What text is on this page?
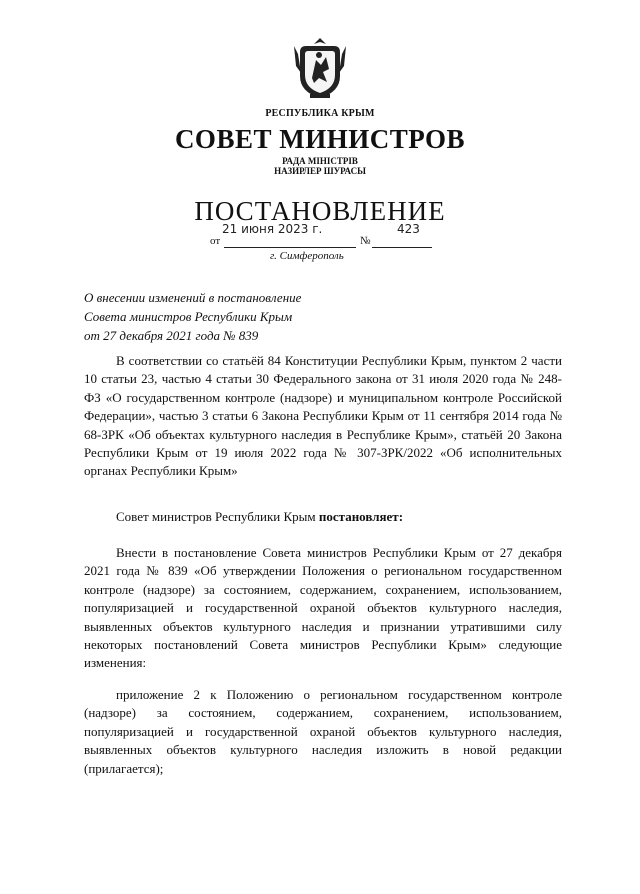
РЕСПУБЛИКА КРЫМ
СОВЕТ МИНИСТРОВ
РАДА МІНІСТРІВ
НАЗИРЛЕР ШУРАСЫ
ПОСТАНОВЛЕНИЕ
от	№
21 июня 2023 г.	423
г. Симферополь
О внесении изменений в постановление
Совета министров Республики Крым
от 27 декабря 2021 года № 839

В соответствии со статьёй 84 Конституции Республики Крым, пунктом 2 части 10 статьи 23, частью 4 статьи 30 Федерального закона от 31 июля 2020 года № 248-ФЗ «О государственном контроле (надзоре) и муниципальном контроле Российской Федерации», частью 3 статьи 6 Закона Республики Крым от 11 сентября 2014 года № 68-ЗРК «Об объектах культурного наследия в Республике Крым», статьёй 20 Закона Республики Крым от 19 июля 2022 года № 307-ЗРК/2022 «Об исполнительных органах Республики Крым»

Совет министров Республики Крым постановляет:

Внести в постановление Совета министров Республики Крым от 27 декабря 2021 года № 839 «Об утверждении Положения о региональном государственном контроле (надзоре) за состоянием, содержанием, сохранением, использованием, популяризацией и государственной охраной объектов культурного наследия, выявленных объектов культурного наследия и признании утратившими силу некоторых постановлений Совета министров Республики Крым» следующие изменения:

приложение 2 к Положению о региональном государственном контроле (надзоре) за состоянием, содержанием, сохранением, использованием, популяризацией и государственной охраной объектов культурного наследия, выявленных объектов культурного наследия изложить в новой редакции (прилагается);
